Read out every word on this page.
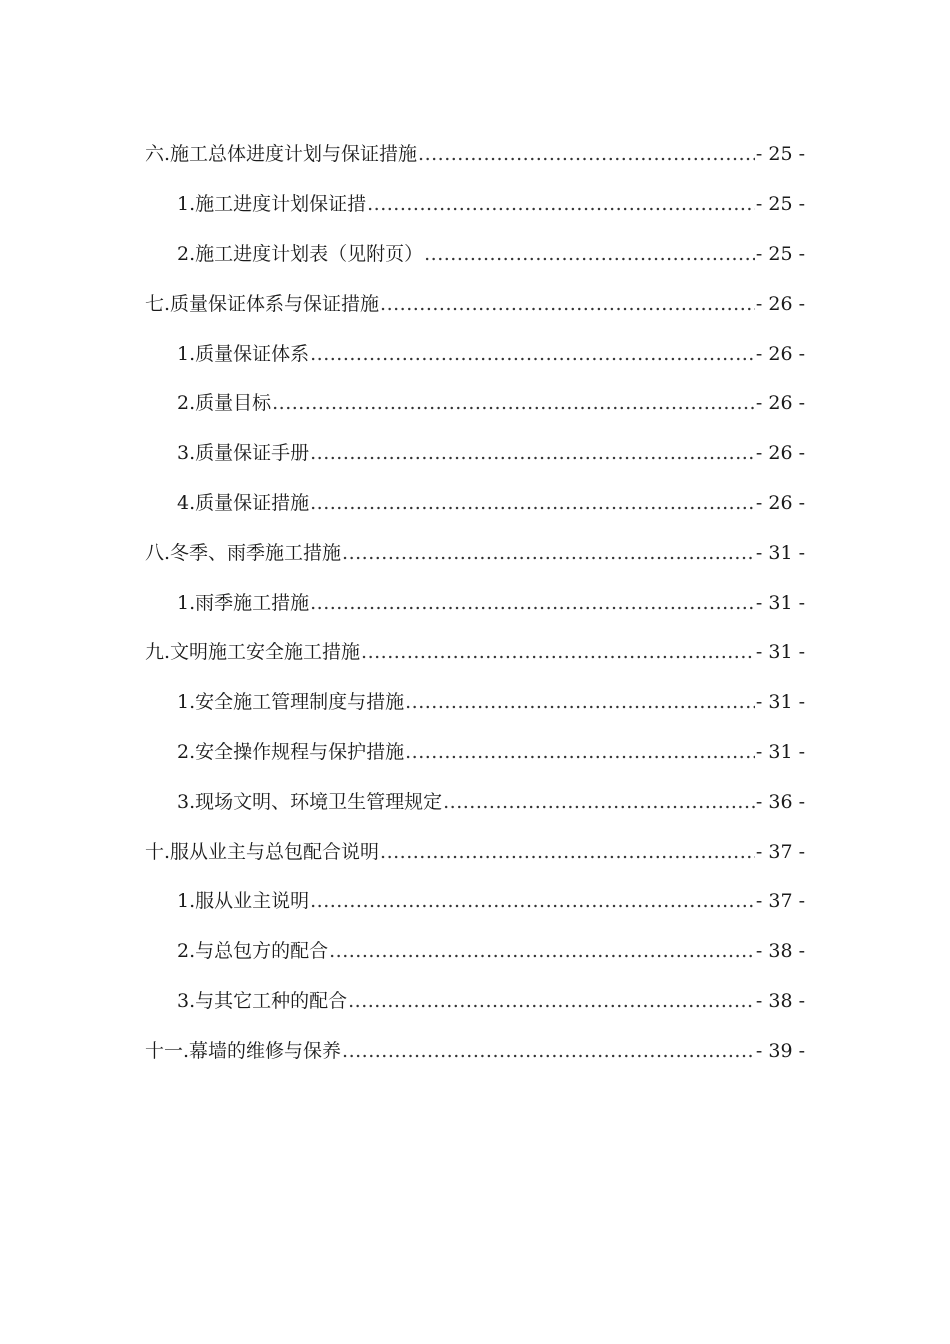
六.施工总体进度计划与保证措施 .....	- 25 -
1.施工进度计划保证措 .....	- 25 -
2.施工进度计划表（见附页） .....	- 25 -
七.质量保证体系与保证措施 .....	- 26 -
1.质量保证体系 .....	- 26 -
2.质量目标 .....	- 26 -
3.质量保证手册 .....	- 26 -
4.质量保证措施 .....	- 26 -
八.冬季、雨季施工措施 .....	- 31 -
1.雨季施工措施 .....	- 31 -
九.文明施工安全施工措施 .....	- 31 -
1.安全施工管理制度与措施 .....	- 31 -
2.安全操作规程与保护措施 .....	- 31 -
3.现场文明、环境卫生管理规定 .....	- 36 -
十.服从业主与总包配合说明 .....	- 37 -
1.服从业主说明 .....	- 37 -
2.与总包方的配合 .....	- 38 -
3.与其它工种的配合 .....	- 38 -
十一.幕墙的维修与保养 .....	- 39 -
